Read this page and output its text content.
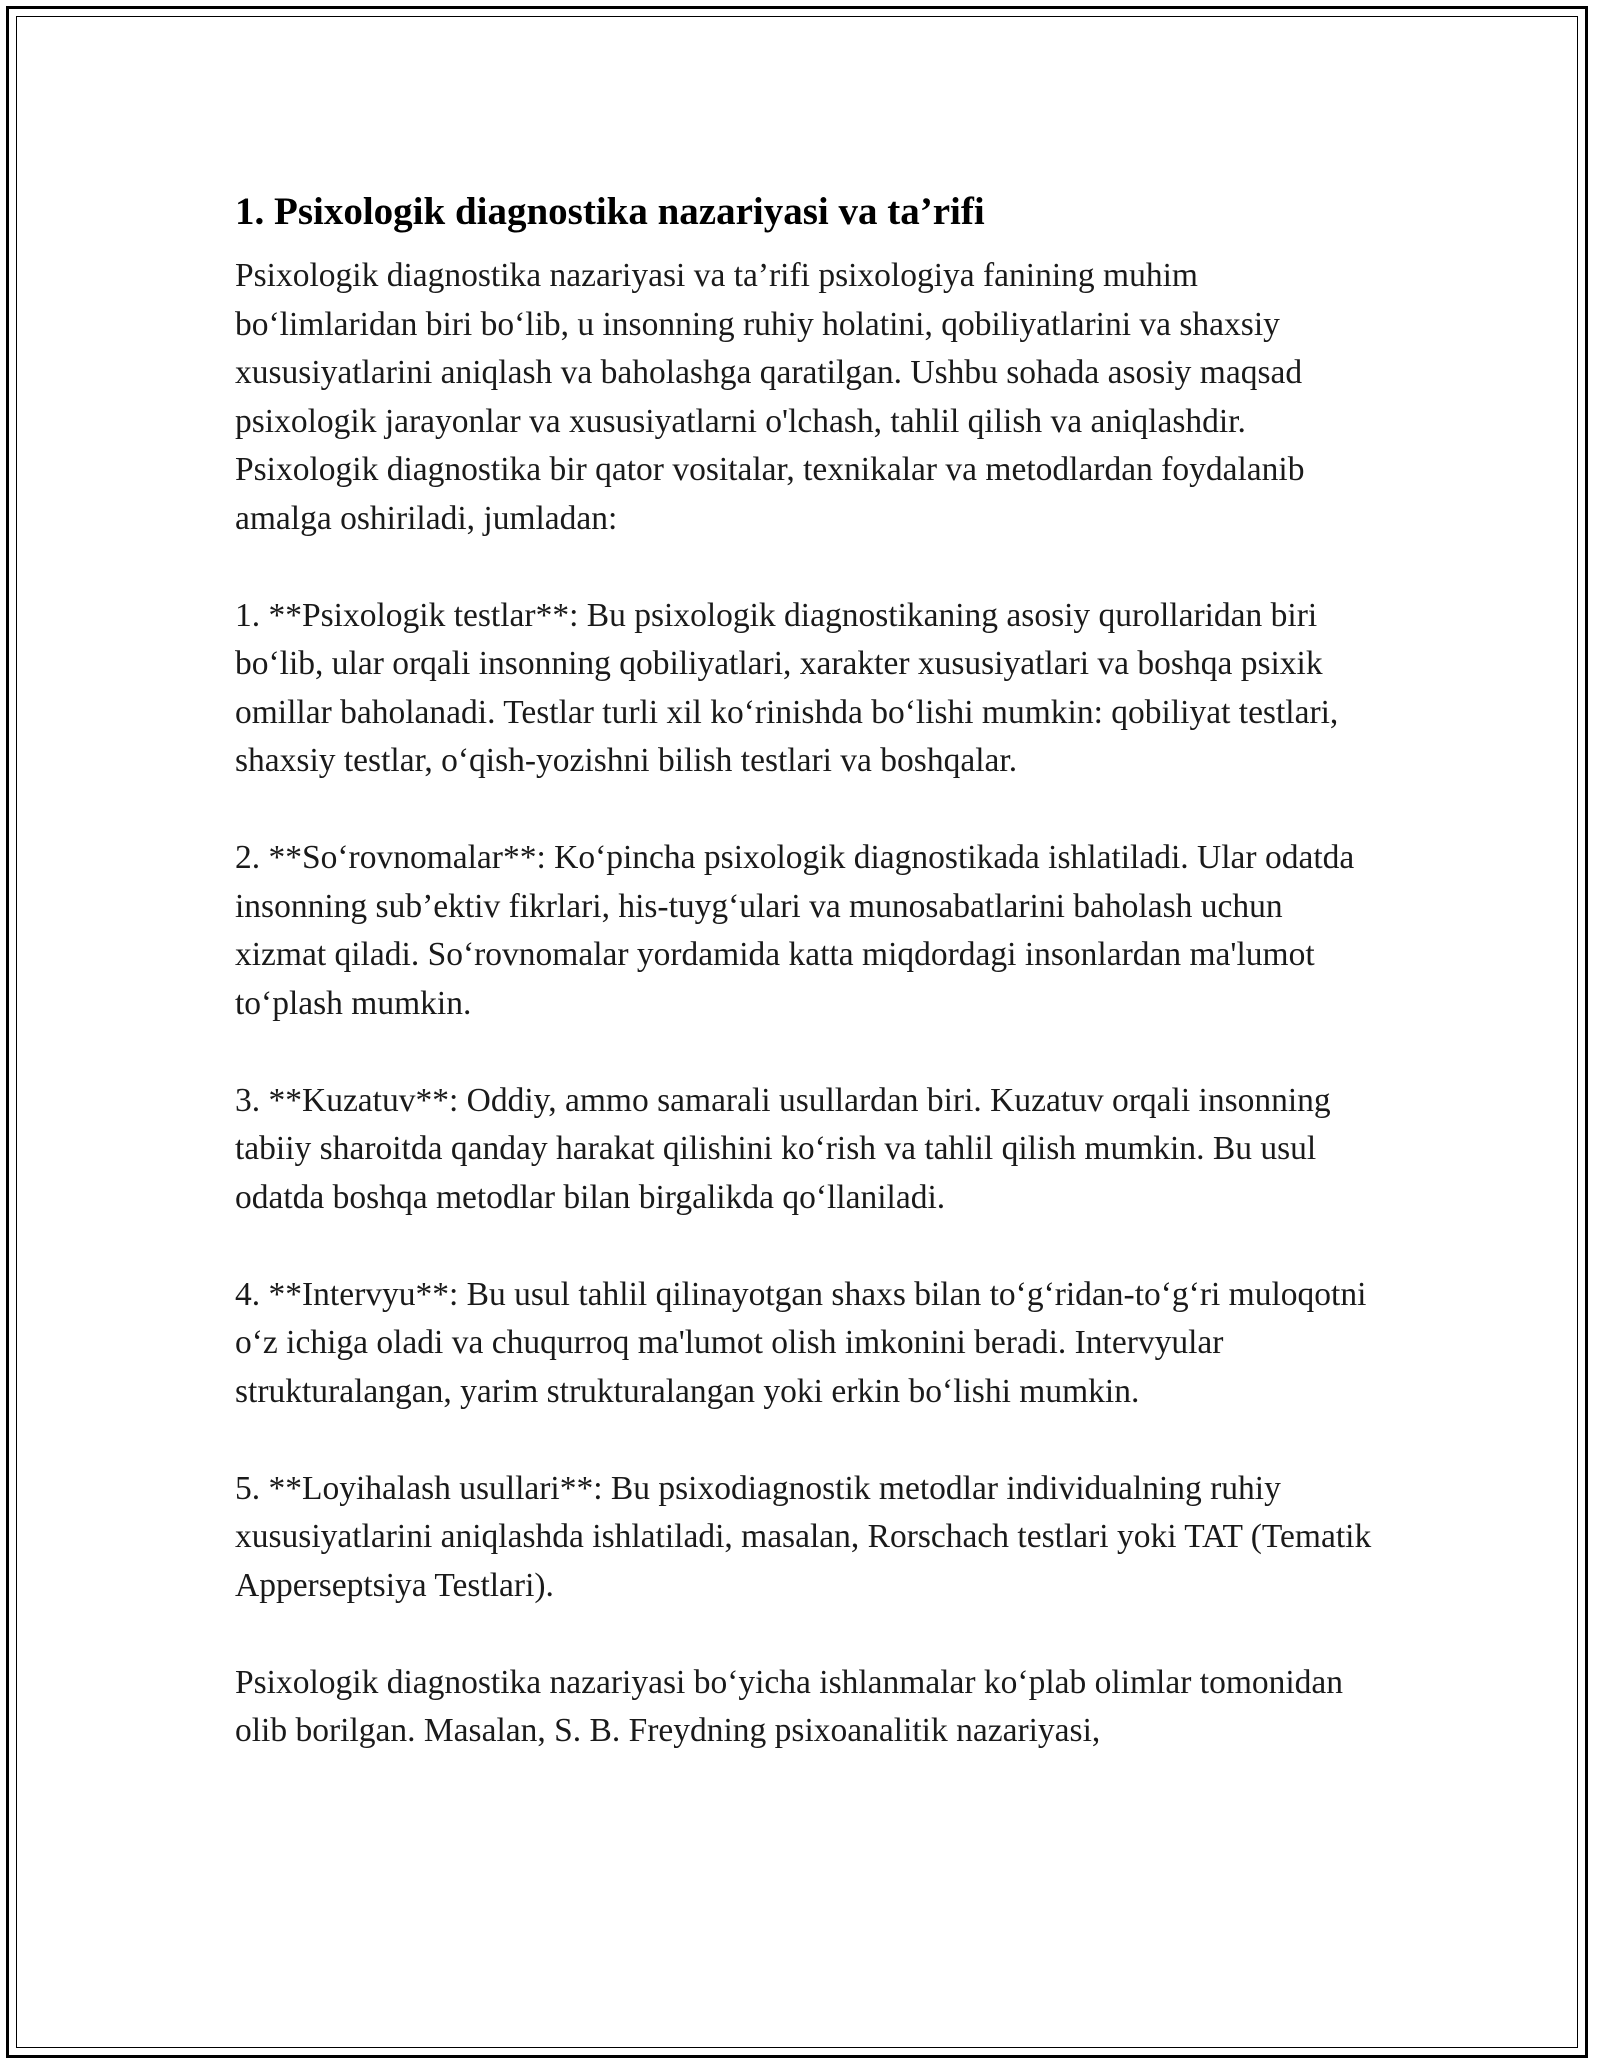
1. Psixologik diagnostika nazariyasi va ta’rifi

Psixologik diagnostika nazariyasi va ta’rifi psixologiya fanining muhim bo‘limlaridan biri bo‘lib, u insonning ruhiy holatini, qobiliyatlarini va shaxsiy xususiyatlarini aniqlash va baholashga qaratilgan. Ushbu sohada asosiy maqsad psixologik jarayonlar va xususiyatlarni o'lchash, tahlil qilish va aniqlashdir. Psixologik diagnostika bir qator vositalar, texnikalar va metodlardan foydalanib amalga oshiriladi, jumladan:

1. **Psixologik testlar**: Bu psixologik diagnostikaning asosiy qurollaridan biri bo‘lib, ular orqali insonning qobiliyatlari, xarakter xususiyatlari va boshqa psixik omillar baholanadi. Testlar turli xil ko‘rinishda bo‘lishi mumkin: qobiliyat testlari, shaxsiy testlar, o‘qish-yozishni bilish testlari va boshqalar.

2. **So‘rovnomalar**: Ko‘pincha psixologik diagnostikada ishlatiladi. Ular odatda insonning sub’ektiv fikrlari, his-tuyg‘ulari va munosabatlarini baholash uchun xizmat qiladi. So‘rovnomalar yordamida katta miqdordagi insonlardan ma'lumot to‘plash mumkin.

3. **Kuzatuv**: Oddiy, ammo samarali usullardan biri. Kuzatuv orqali insonning tabiiy sharoitda qanday harakat qilishini ko‘rish va tahlil qilish mumkin. Bu usul odatda boshqa metodlar bilan birgalikda qo‘llaniladi.

4. **Intervyu**: Bu usul tahlil qilinayotgan shaxs bilan to‘g‘ridan-to‘g‘ri muloqotni o‘z ichiga oladi va chuqurroq ma'lumot olish imkonini beradi. Intervyular strukturalangan, yarim strukturalangan yoki erkin bo‘lishi mumkin.

5. **Loyihalash usullari**: Bu psixodiagnostik metodlar individualning ruhiy xususiyatlarini aniqlashda ishlatiladi, masalan, Rorschach testlari yoki TAT (Tematik Apperseptsiya Testlari).

Psixologik diagnostika nazariyasi bo‘yicha ishlanmalar ko‘plab olimlar tomonidan olib borilgan. Masalan, S. B. Freydning psixoanalitik nazariyasi,
